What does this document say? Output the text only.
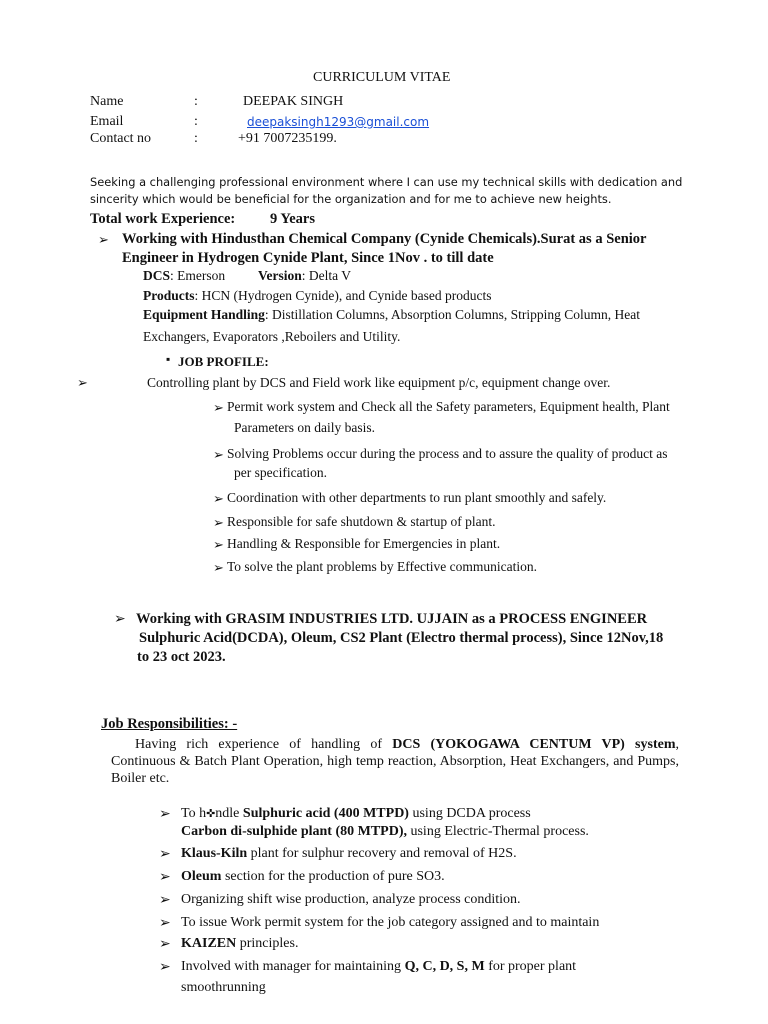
CURRICULUM VITAE
Name	:	DEEPAK SINGH
Email	:	deepaksingh1293@gmail.com
Contact no	:	+91 7007235199.
Seeking a challenging professional environment where I can use my technical skills with dedication and
sincerity which would be beneficial for the organization and for me to achieve new heights.
Total work Experience: 9 Years
➢ Working with Hindusthan Chemical Company (Cynide Chemicals).Surat as a Senior
Engineer in Hydrogen Cynide Plant, Since 1Nov . to till date
DCS: Emerson Version: Delta V
Products: HCN (Hydrogen Cynide), and Cynide based products
Equipment Handling: Distillation Columns, Absorption Columns, Stripping Column, Heat
Exchangers, Evaporators ,Reboilers and Utility.
▪ JOB PROFILE:
➢	Controlling plant by DCS and Field work like equipment p/c, equipment change over.
➢ Permit work system and Check all the Safety parameters, Equipment health, Plant
Parameters on daily basis.
➢ Solving Problems occur during the process and to assure the quality of product as
per specification.
➢ Coordination with other departments to run plant smoothly and safely.
➢ Responsible for safe shutdown & startup of plant.
➢ Handling & Responsible for Emergencies in plant.
➢ To solve the plant problems by Effective communication.
➢ Working with GRASIM INDUSTRIES LTD. UJJAIN as a PROCESS ENGINEER
Sulphuric Acid(DCDA), Oleum, CS2 Plant (Electro thermal process), Since 12Nov,18
to 23 oct 2023.
Job Responsibilities: -
Having rich experience of handling of DCS (YOKOGAWA CENTUM VP) system, Continuous & Batch Plant Operation, high temp reaction, Absorption, Heat Exchangers, and Pumps, Boiler etc.
➢ To h✜ndle Sulphuric acid (400 MTPD) using DCDA process
Carbon di-sulphide plant (80 MTPD), using Electric-Thermal process.
➢ Klaus-Kiln plant for sulphur recovery and removal of H2S.
➢ Oleum section for the production of pure SO3.
➢ Organizing shift wise production, analyze process condition.
➢ To issue Work permit system for the job category assigned and to maintain
➢ KAIZEN principles.
➢ Involved with manager for maintaining Q, C, D, S, M for proper plant
smoothrunning
